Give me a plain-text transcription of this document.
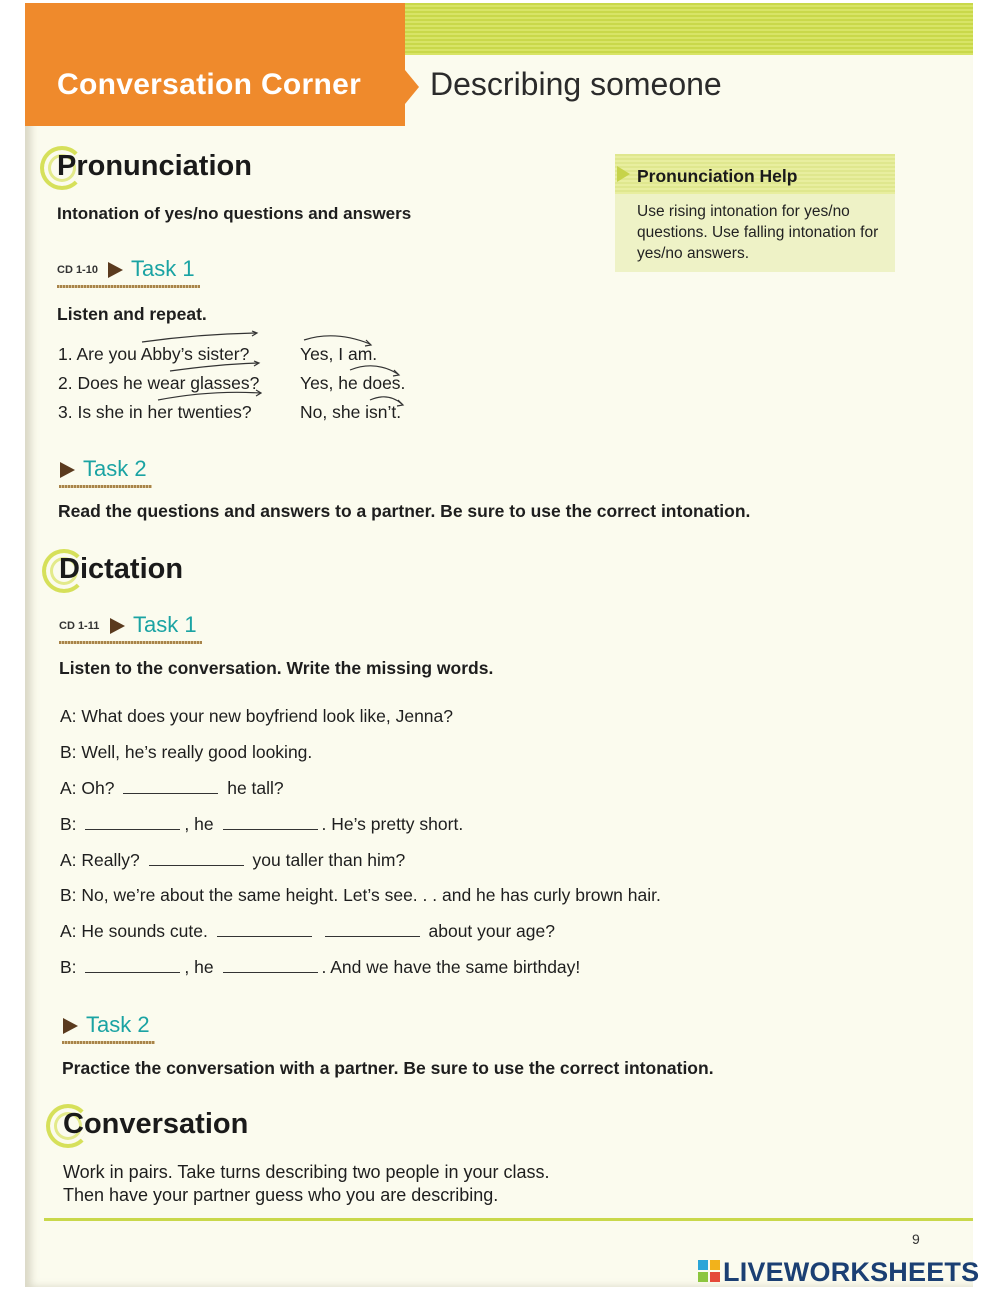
Conversation Corner Describing someone
Pronunciation
Intonation of yes/no questions and answers
CD 1-10 Task 1
Listen and repeat.
1. Are you Abby’s sister?	Yes, I am.
2. Does he wear glasses? Yes, he does.
3. Is she in her twenties?	No, she isn’t.
Task 2
Read the questions and answers to a partner. Be sure to use the correct intonation.
Pronunciation Help
Use rising intonation for yes/no questions. Use falling intonation for yes/no answers.
Dictation
CD 1-11 Task 1
Listen to the conversation. Write the missing words.
A: What does your new boyfriend look like, Jenna?
B: Well, he’s really good looking.
A: Oh?	he tall?
B:	, he	. He’s pretty short.
A: Really?	you taller than him?
B: No, we’re about the same height. Let’s see. . . and he has curly brown hair.
A: He sounds cute.	about your age?
B:	, he	. And we have the same birthday!
Task 2
Practice the conversation with a partner. Be sure to use the correct intonation.
Conversation
Work in pairs. Take turns describing two people in your class.
Then have your partner guess who you are describing.
9
LIVEWORKSHEETS
